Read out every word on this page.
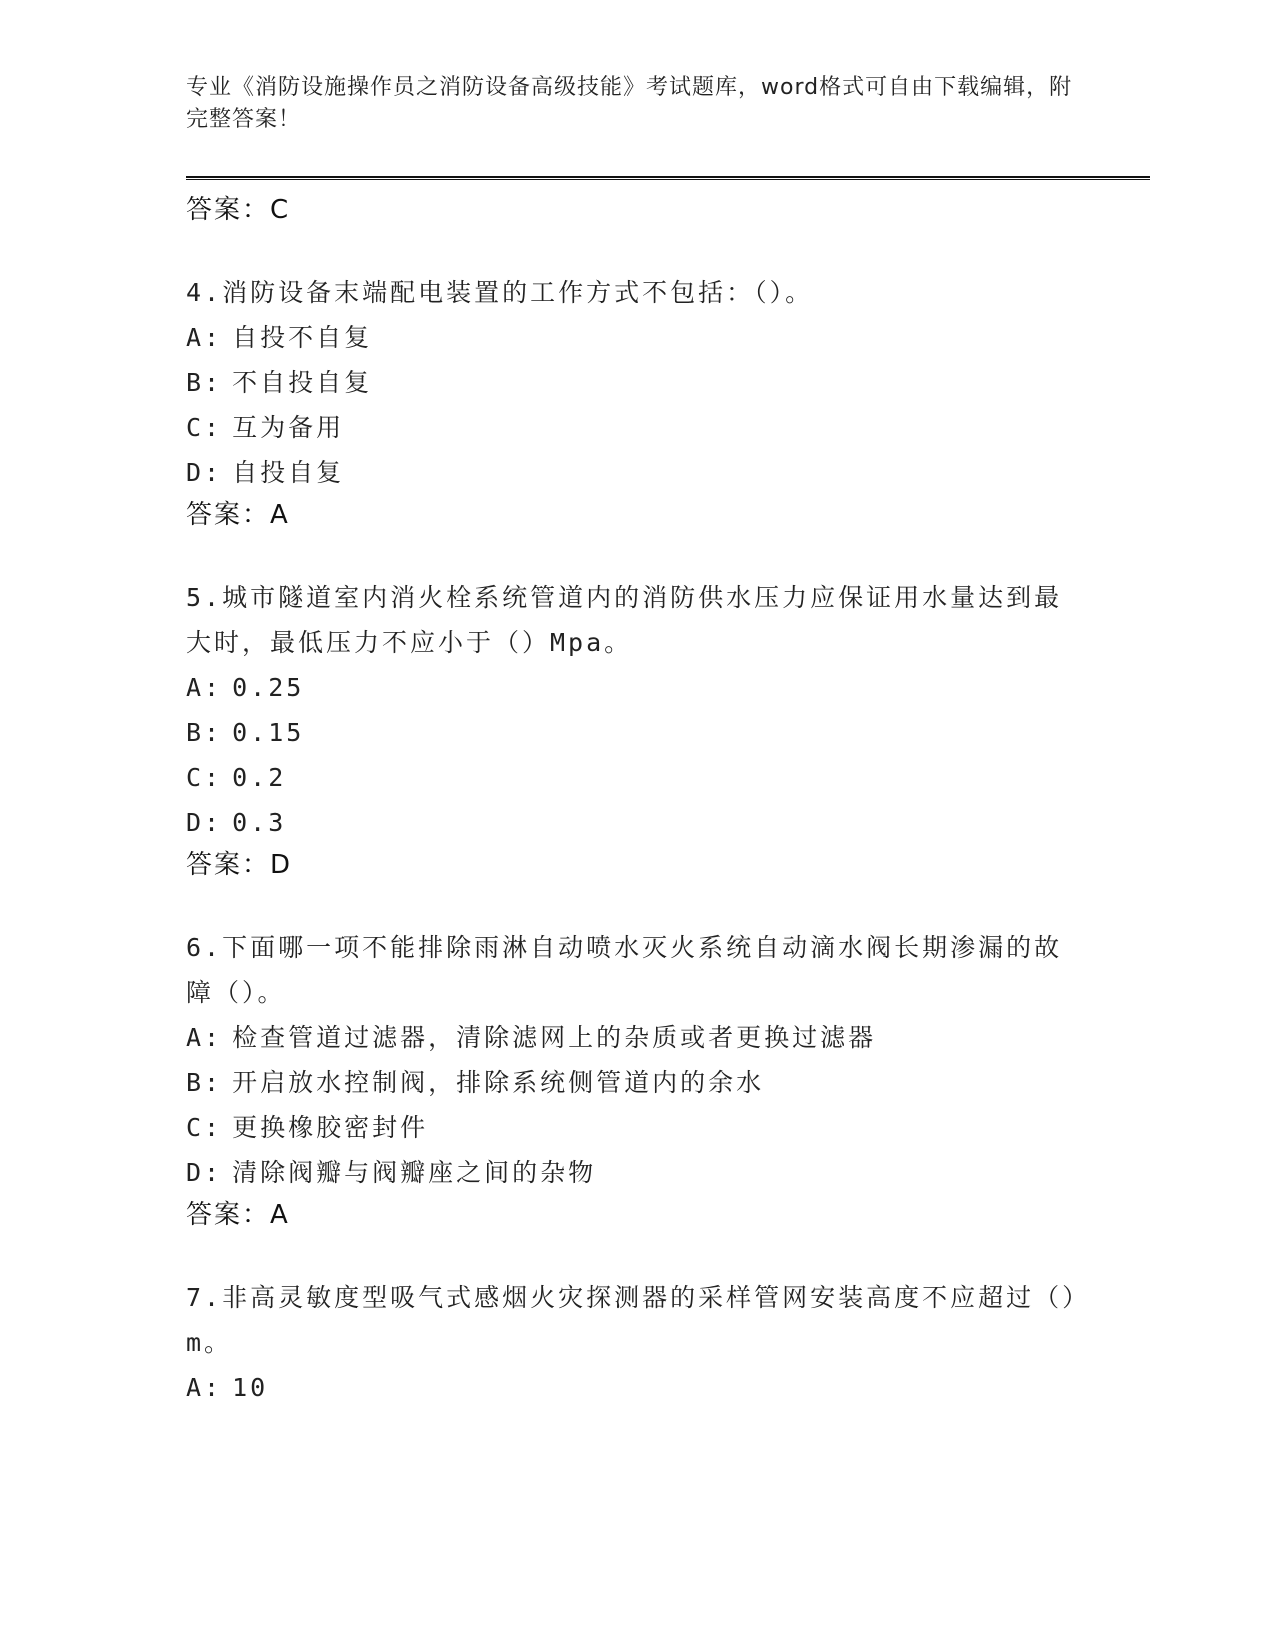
专业《消防设施操作员之消防设备高级技能》考试题库，word格式可自由下载编辑，附完整答案！
答案：C

4.消防设备末端配电装置的工作方式不包括：（）。

A: 自投不自复
B: 不自投自复
C: 互为备用
D: 自投自复
答案：A

5.城市隧道室内消火栓系统管道内的消防供水压力应保证用水量达到最大时，最低压力不应小于（）Mpa。

A: 0.25
B: 0.15
C: 0.2
D: 0.3
答案：D

6.下面哪一项不能排除雨淋自动喷水灭火系统自动滴水阀长期渗漏的故障（）。

A: 检查管道过滤器，清除滤网上的杂质或者更换过滤器
B: 开启放水控制阀，排除系统侧管道内的余水
C: 更换橡胶密封件
D: 清除阀瓣与阀瓣座之间的杂物
答案：A

7.非高灵敏度型吸气式感烟火灾探测器的采样管网安装高度不应超过（）m。

A: 10
